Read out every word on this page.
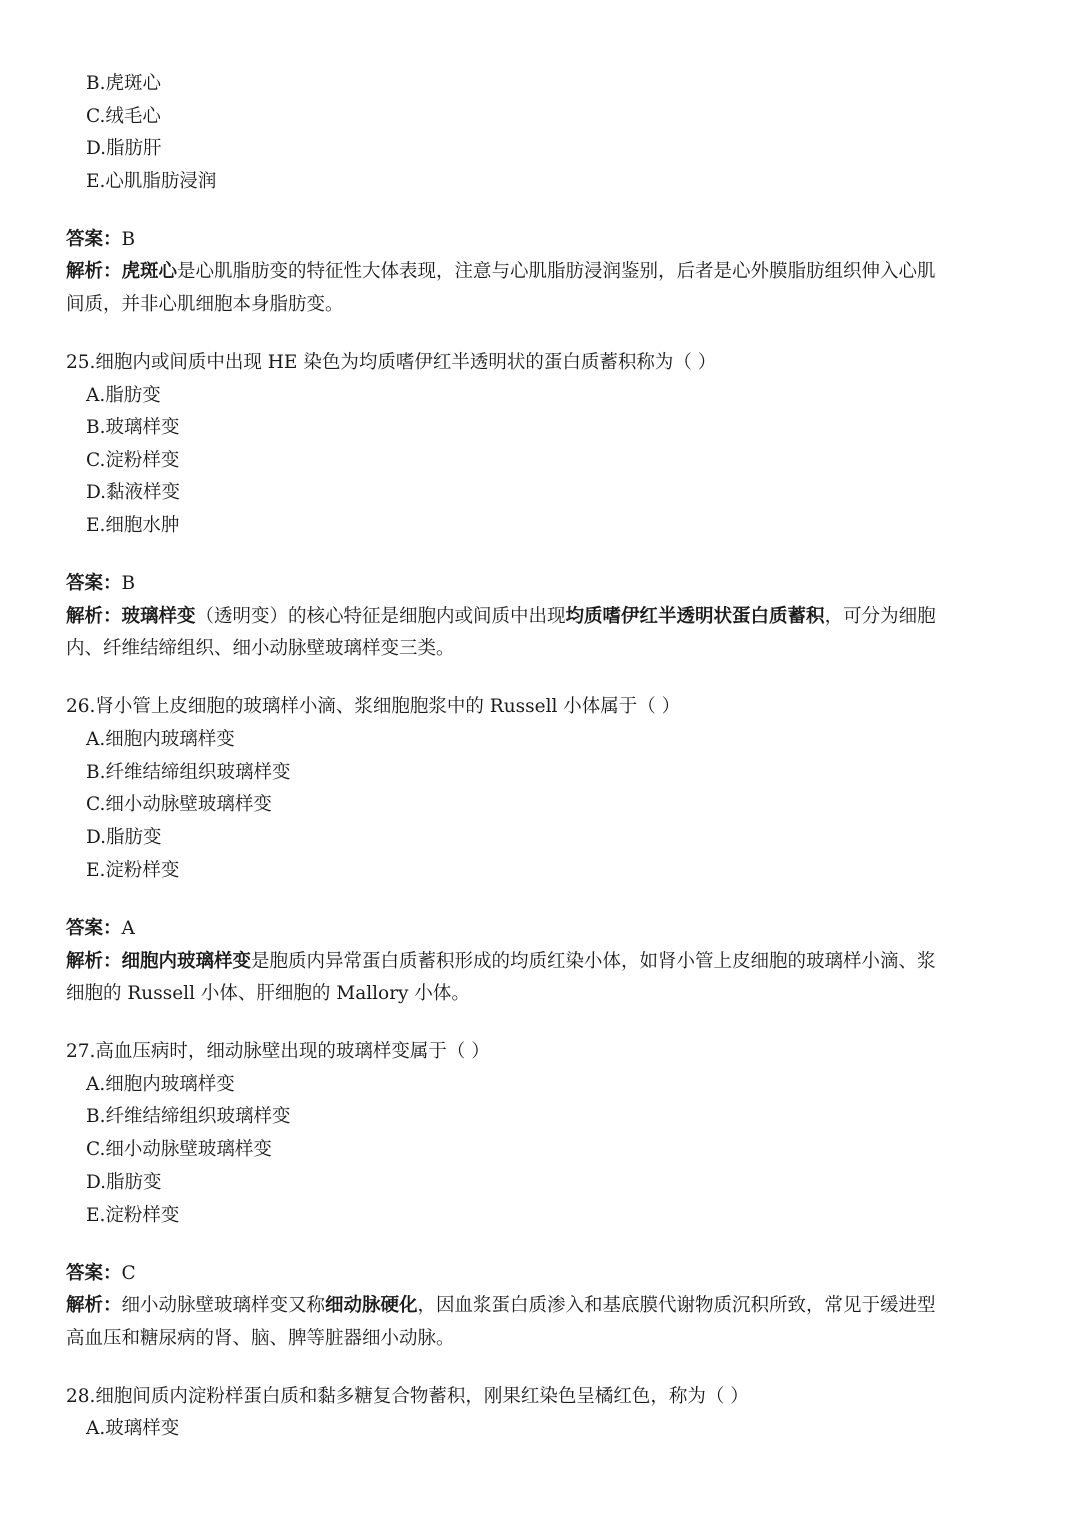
B.虎斑心
C.绒毛心
D.脂肪肝
E.心肌脂肪浸润
答案：B
解析：虎斑心是心肌脂肪变的特征性大体表现，注意与心肌脂肪浸润鉴别，后者是心外膜脂肪组织伸入心肌
间质，并非心肌细胞本身脂肪变。
25.细胞内或间质中出现 HE 染色为均质嗜伊红半透明状的蛋白质蓄积称为（ ）
A.脂肪变
B.玻璃样变
C.淀粉样变
D.黏液样变
E.细胞水肿
答案：B
解析：玻璃样变（透明变）的核心特征是细胞内或间质中出现均质嗜伊红半透明状蛋白质蓄积，可分为细胞
内、纤维结缔组织、细小动脉壁玻璃样变三类。
26.肾小管上皮细胞的玻璃样小滴、浆细胞胞浆中的 Russell 小体属于（ ）
A.细胞内玻璃样变
B.纤维结缔组织玻璃样变
C.细小动脉壁玻璃样变
D.脂肪变
E.淀粉样变
答案：A
解析：细胞内玻璃样变是胞质内异常蛋白质蓄积形成的均质红染小体，如肾小管上皮细胞的玻璃样小滴、浆
细胞的 Russell 小体、肝细胞的 Mallory 小体。
27.高血压病时，细动脉壁出现的玻璃样变属于（ ）
A.细胞内玻璃样变
B.纤维结缔组织玻璃样变
C.细小动脉壁玻璃样变
D.脂肪变
E.淀粉样变
答案：C
解析：细小动脉壁玻璃样变又称细动脉硬化，因血浆蛋白质渗入和基底膜代谢物质沉积所致，常见于缓进型
高血压和糖尿病的肾、脑、脾等脏器细小动脉。
28.细胞间质内淀粉样蛋白质和黏多糖复合物蓄积，刚果红染色呈橘红色，称为（ ）
A.玻璃样变
